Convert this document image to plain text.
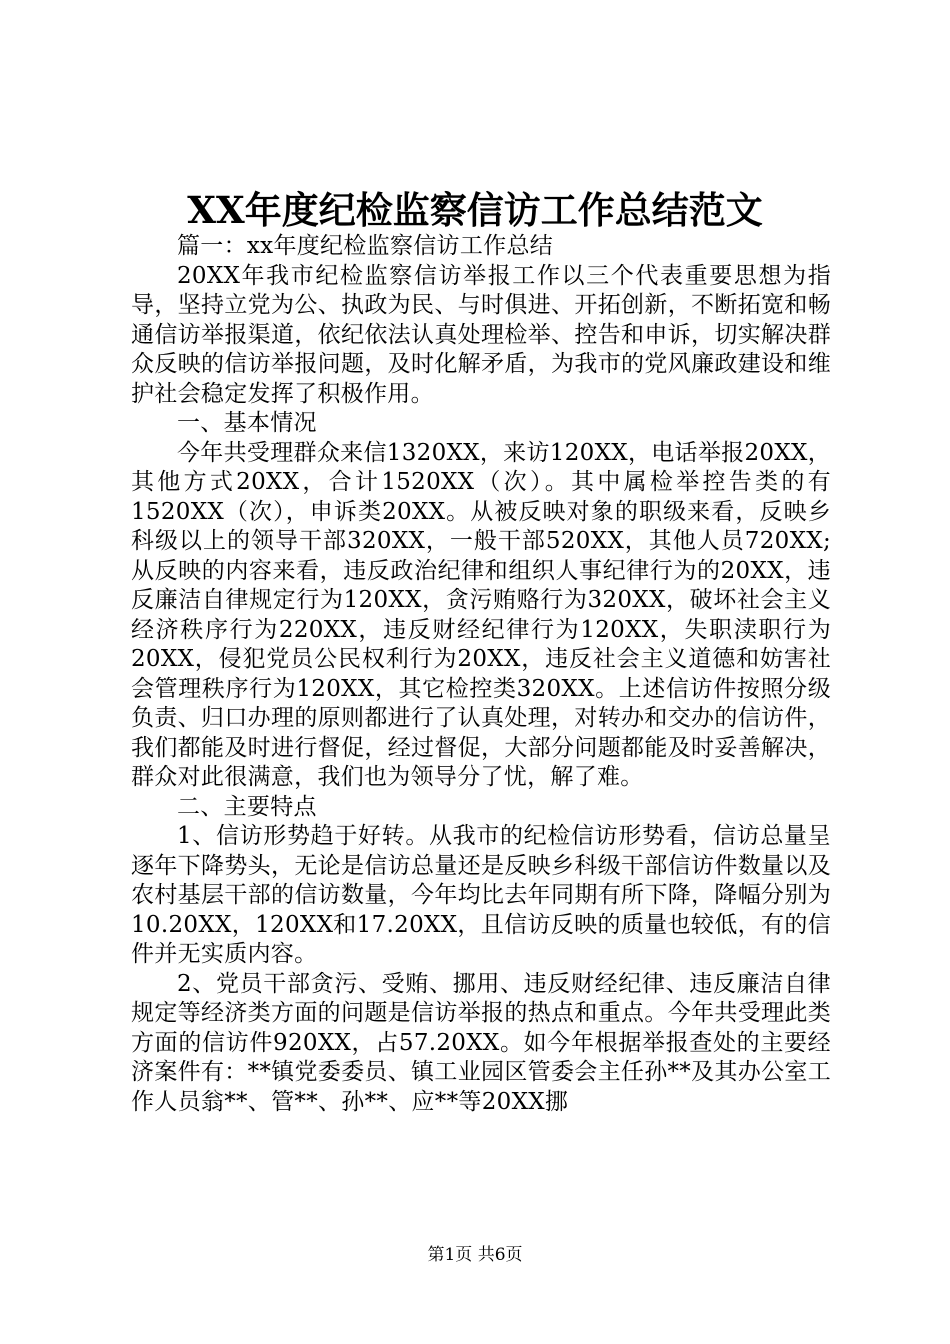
XX年度纪检监察信访工作总结范文

篇一：xx年度纪检监察信访工作总结

20XX年我市纪检监察信访举报工作以三个代表重要思想为指导，坚持立党为公、执政为民、与时俱进、开拓创新，不断拓宽和畅通信访举报渠道，依纪依法认真处理检举、控告和申诉，切实解决群众反映的信访举报问题，及时化解矛盾，为我市的党风廉政建设和维护社会稳定发挥了积极作用。

一、基本情况

今年共受理群众来信1320XX，来访120XX，电话举报20XX，其他方式20XX，合计1520XX（次）。其中属检举控告类的有1520XX（次），申诉类20XX。从被反映对象的职级来看，反映乡科级以上的领导干部320XX，一般干部520XX，其他人员720XX;从反映的内容来看，违反政治纪律和组织人事纪律行为的20XX，违反廉洁自律规定行为120XX，贪污贿赂行为320XX，破坏社会主义经济秩序行为220XX，违反财经纪律行为120XX，失职渎职行为20XX，侵犯党员公民权利行为20XX，违反社会主义道德和妨害社会管理秩序行为120XX，其它检控类320XX。上述信访件按照分级负责、归口办理的原则都进行了认真处理，对转办和交办的信访件，我们都能及时进行督促，经过督促，大部分问题都能及时妥善解决，群众对此很满意，我们也为领导分了忧，解了难。

二、主要特点

1、信访形势趋于好转。从我市的纪检信访形势看，信访总量呈逐年下降势头，无论是信访总量还是反映乡科级干部信访件数量以及农村基层干部的信访数量，今年均比去年同期有所下降，降幅分别为10.20XX，120XX和17.20XX，且信访反映的质量也较低，有的信件并无实质内容。

2、党员干部贪污、受贿、挪用、违反财经纪律、违反廉洁自律规定等经济类方面的问题是信访举报的热点和重点。今年共受理此类方面的信访件920XX，占57.20XX。如今年根据举报查处的主要经济案件有：**镇党委委员、镇工业园区管委会主任孙**及其办公室工作人员翁**、管**、孙**、应**等20XX挪

第1页 共6页
